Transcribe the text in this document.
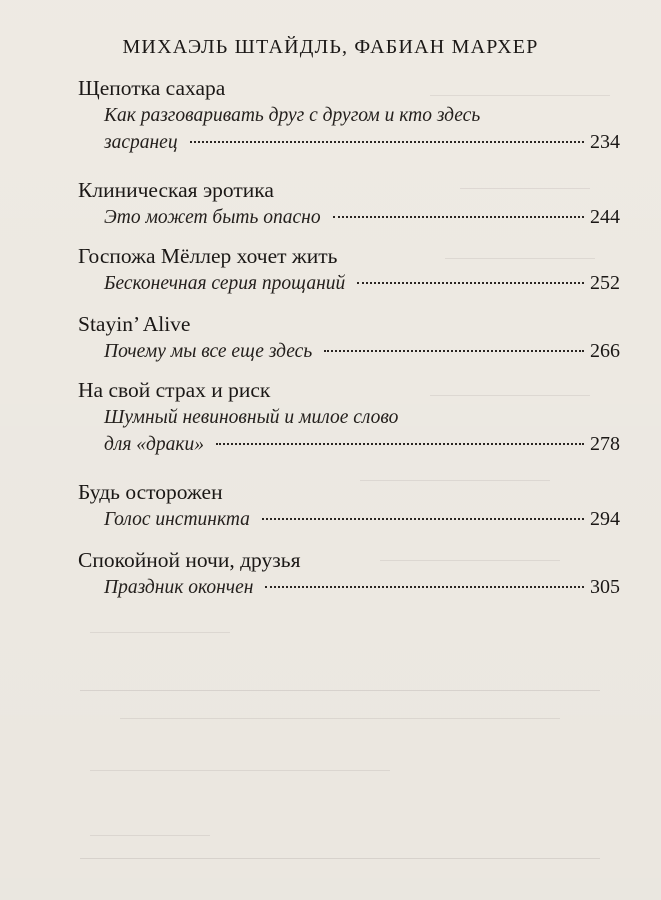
МИХАЭЛЬ ШТАЙДЛЬ, ФАБИАН МАРХЕР
Щепотка сахара
Как разговаривать друг с другом и кто здесь
засранец	234
Клиническая эротика
Это может быть опасно	244
Госпожа Мёллер хочет жить
Бесконечная серия прощаний	252
Stayin’ Alive
Почему мы все еще здесь	266
На свой страх и риск
Шумный невиновный и милое слово
для «драки»	278
Будь осторожен
Голос инстинкта	294
Спокойной ночи, друзья
Праздник окончен	305
